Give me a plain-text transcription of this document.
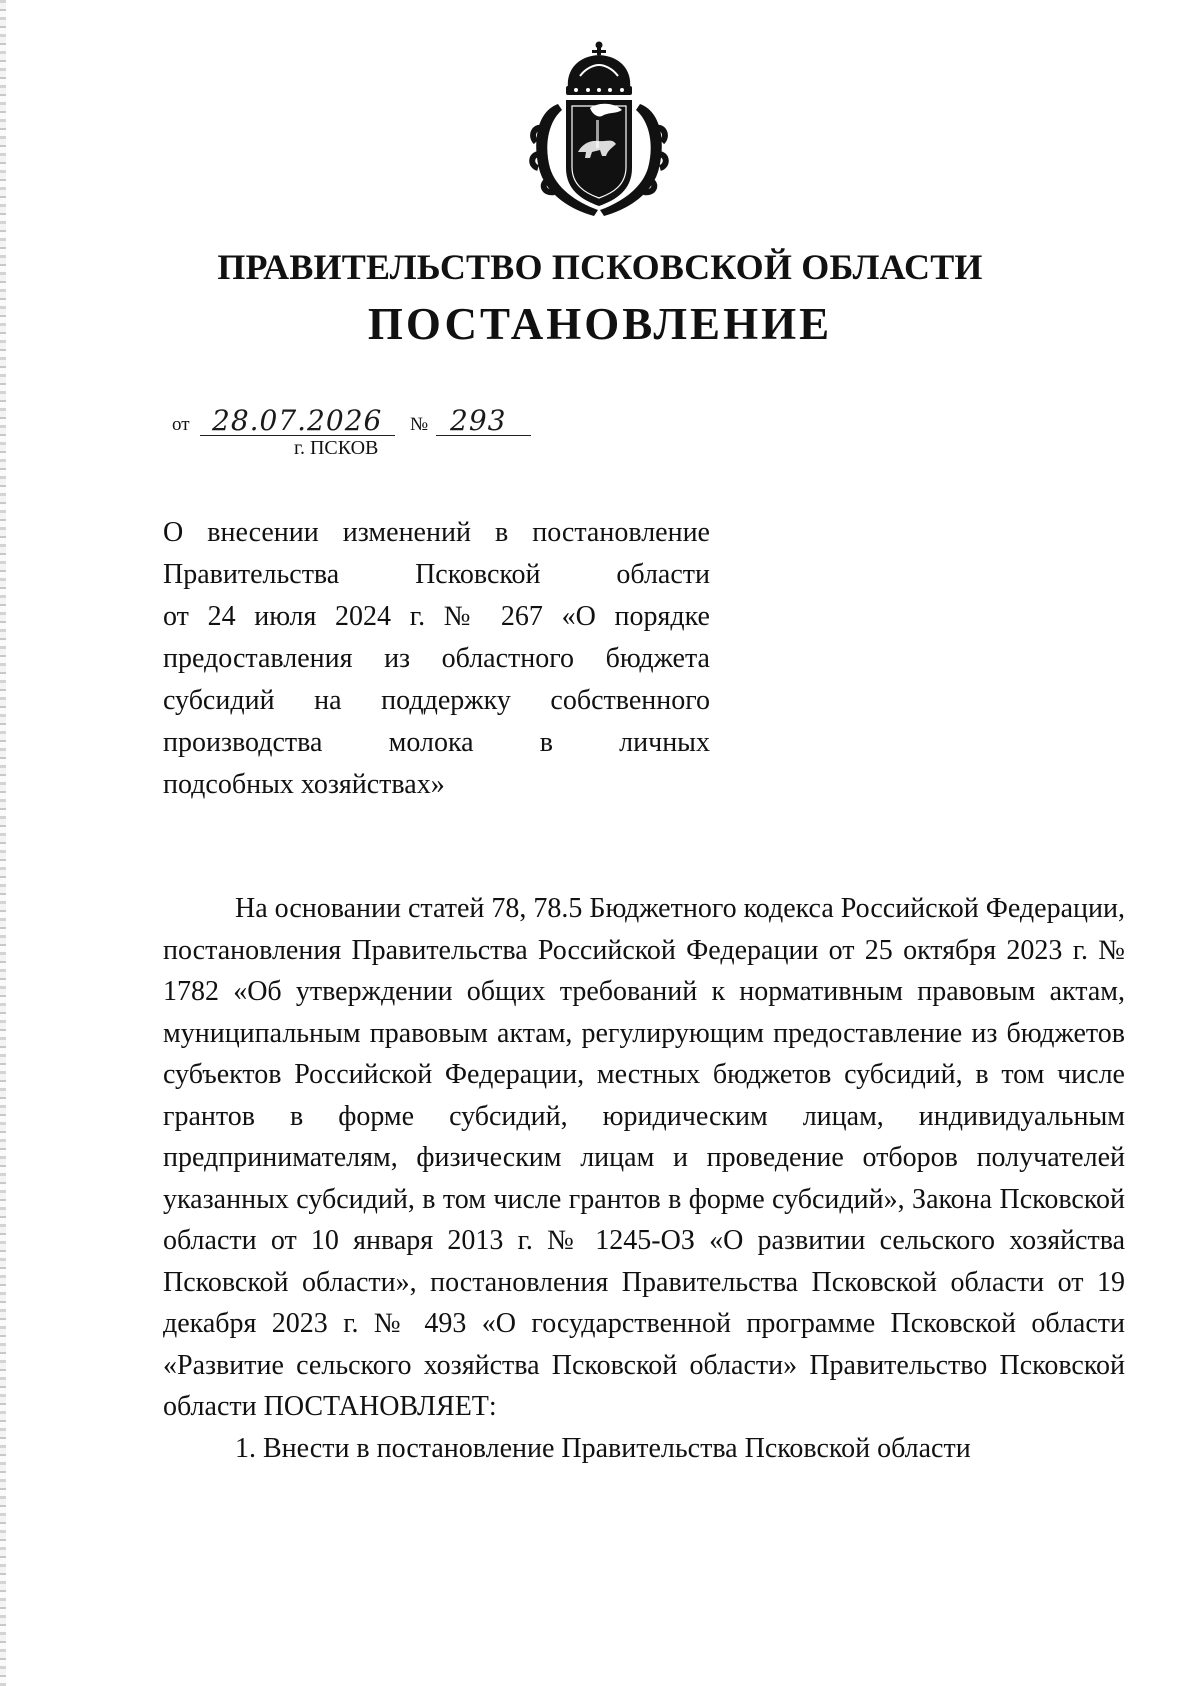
ПРАВИТЕЛЬСТВО ПСКОВСКОЙ ОБЛАСТИ
ПОСТАНОВЛЕНИЕ
от 28.07.2026 № 293
г. ПСКОВ
О внесении изменений в постановление
Правительства Псковской области
от 24 июля 2024 г. № 267 «О порядке
предоставления из областного бюджета
субсидий на поддержку собственного
производства молока в личных
подсобных хозяйствах»

На основании статей 78, 78.5 Бюджетного кодекса Российской Федерации, постановления Правительства Российской Федерации от 25 октября 2023 г. № 1782 «Об утверждении общих требований к нормативным правовым актам, муниципальным правовым актам, регулирующим предоставление из бюджетов субъектов Российской Федерации, местных бюджетов субсидий, в том числе грантов в форме субсидий, юридическим лицам, индивидуальным предпринимателям, физическим лицам и проведение отборов получателей указанных субсидий, в том числе грантов в форме субсидий», Закона Псковской области от 10 января 2013 г. № 1245-ОЗ «О развитии сельского хозяйства Псковской области», постановления Правительства Псковской области от 19 декабря 2023 г. № 493 «О государственной программе Псковской области «Развитие сельского хозяйства Псковской области» Правительство Псковской области ПОСТАНОВЛЯЕТ:

1. Внести в постановление Правительства Псковской области
